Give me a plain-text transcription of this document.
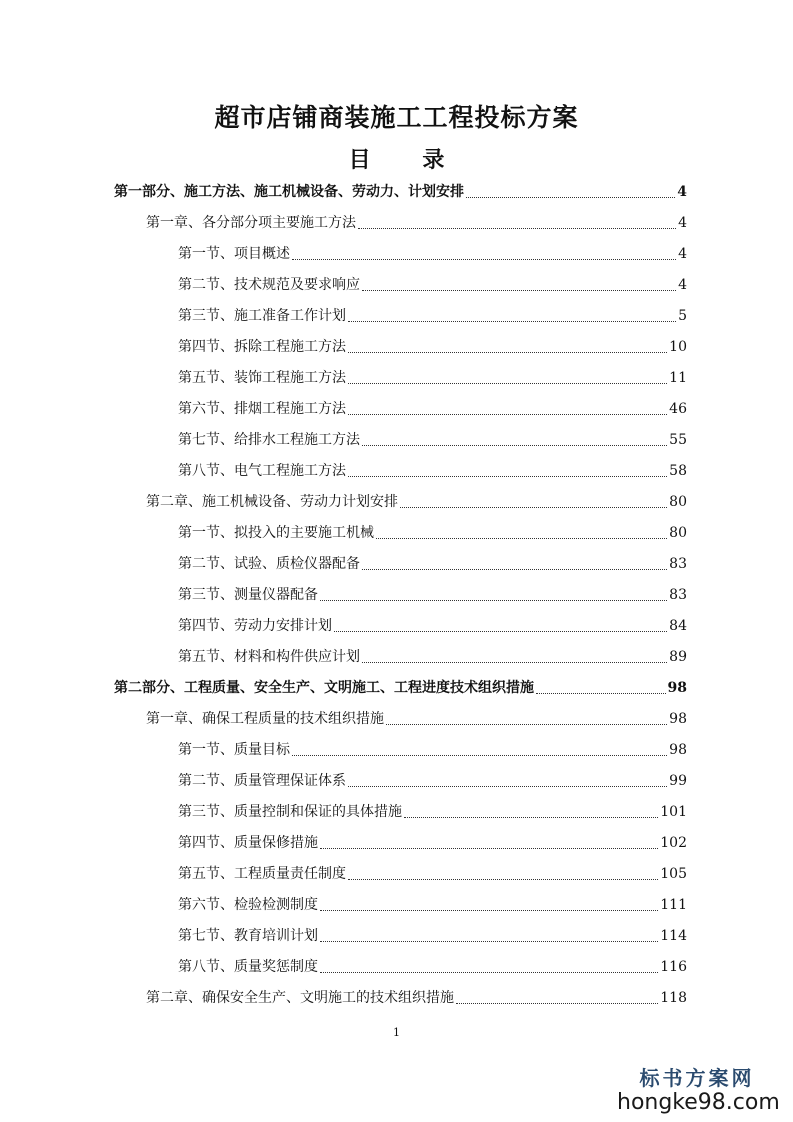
超市店铺商装施工工程投标方案
目 录
第一部分、施工方法、施工机械设备、劳动力、计划安排	4
第一章、各分部分项主要施工方法	4
第一节、项目概述	4
第二节、技术规范及要求响应	4
第三节、施工准备工作计划	5
第四节、拆除工程施工方法	10
第五节、装饰工程施工方法	11
第六节、排烟工程施工方法	46
第七节、给排水工程施工方法	55
第八节、电气工程施工方法	58
第二章、施工机械设备、劳动力计划安排	80
第一节、拟投入的主要施工机械	80
第二节、试验、质检仪器配备	83
第三节、测量仪器配备	83
第四节、劳动力安排计划	84
第五节、材料和构件供应计划	89
第二部分、工程质量、安全生产、文明施工、工程进度技术组织措施	98
第一章、确保工程质量的技术组织措施	98
第一节、质量目标	98
第二节、质量管理保证体系	99
第三节、质量控制和保证的具体措施	101
第四节、质量保修措施	102
第五节、工程质量责任制度	105
第六节、检验检测制度	111
第七节、教育培训计划	114
第八节、质量奖惩制度	116
第二章、确保安全生产、文明施工的技术组织措施	118
1
标书方案网
hongke98.com
